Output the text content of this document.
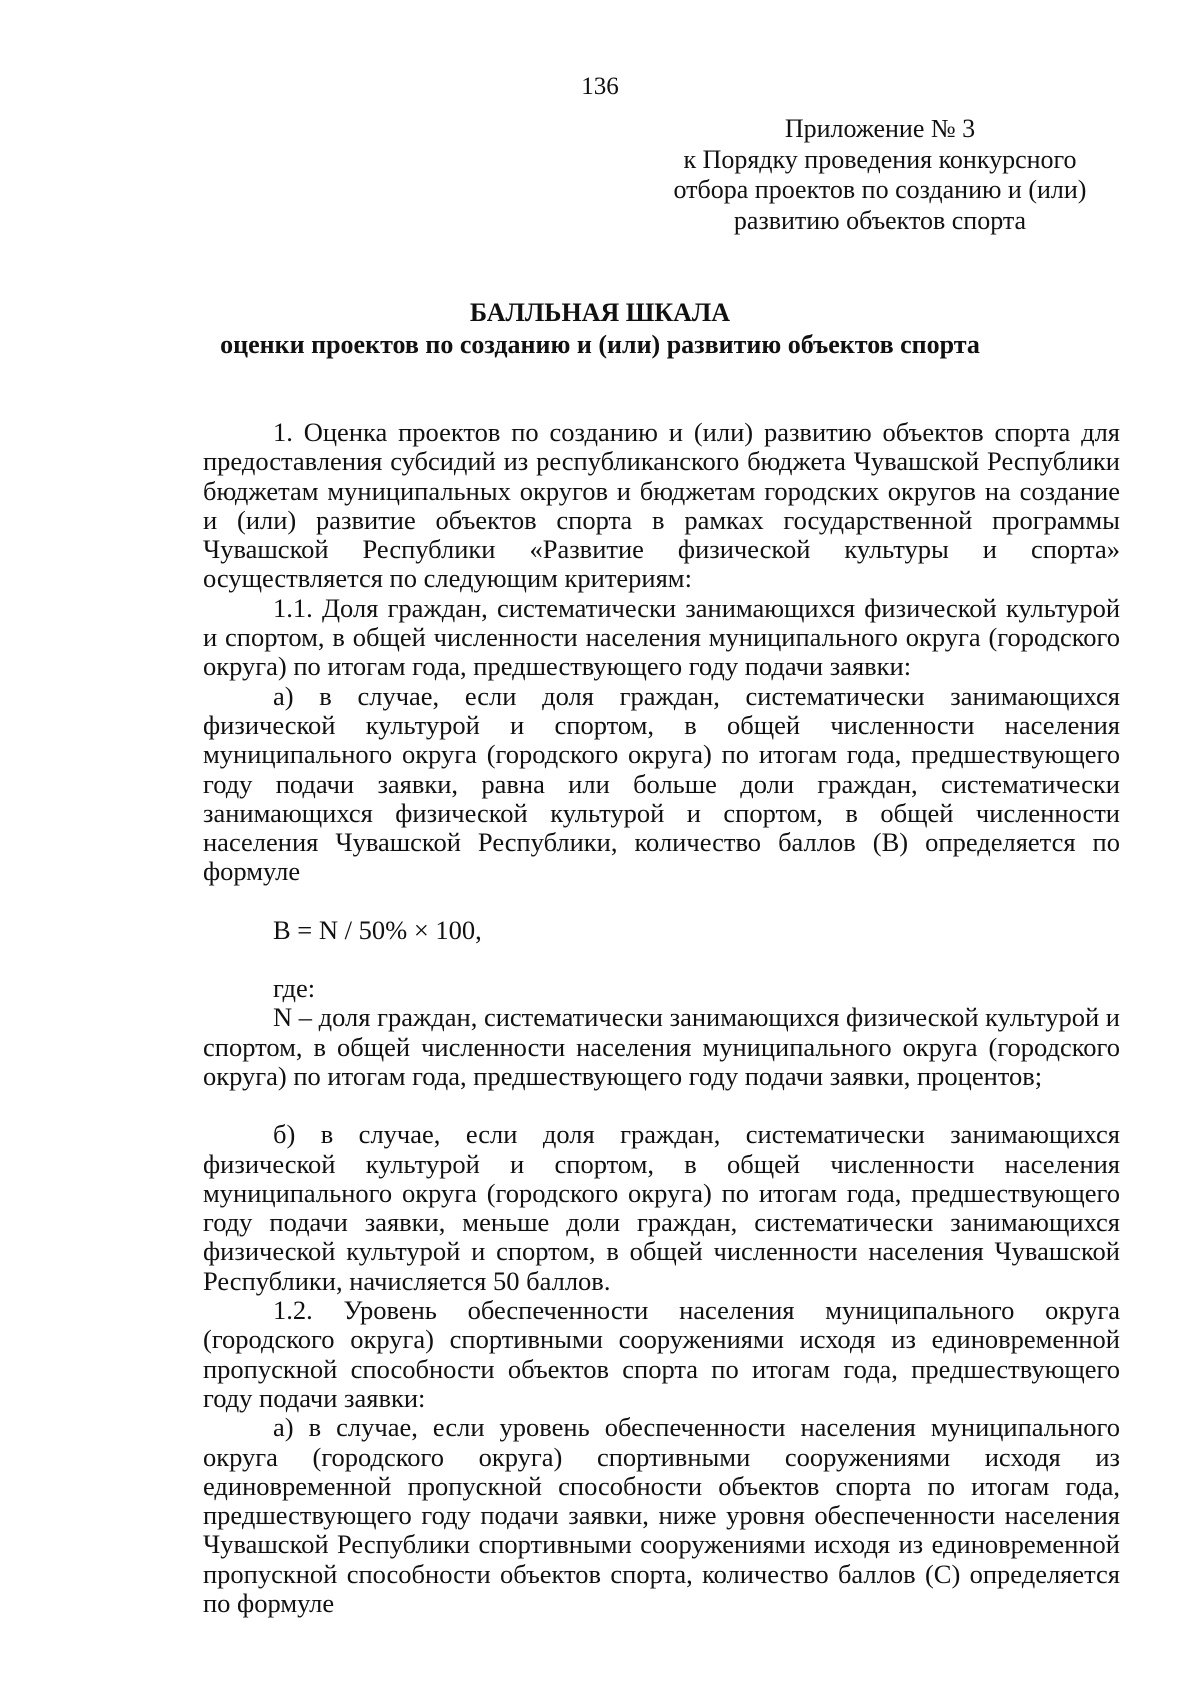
136
Приложение № 3
к Порядку проведения конкурсного
отбора проектов по созданию и (или)
развитию объектов спорта
БАЛЛЬНАЯ ШКАЛА
оценки проектов по созданию и (или) развитию объектов спорта

1. Оценка проектов по созданию и (или) развитию объектов спорта для предоставления субсидий из республиканского бюджета Чувашской Республики бюджетам муниципальных округов и бюджетам городских округов на создание и (или) развитие объектов спорта в рамках государственной программы Чувашской Республики «Развитие физической культуры и спорта» осуществляется по следующим критериям:

1.1. Доля граждан, систематически занимающихся физической культурой и спортом, в общей численности населения муниципального округа (городского округа) по итогам года, предшествующего году подачи заявки:

а) в случае, если доля граждан, систематически занимающихся физической культурой и спортом, в общей численности населения муниципального округа (городского округа) по итогам года, предшествующего году подачи заявки, равна или больше доли граждан, систематически занимающихся физической культурой и спортом, в общей численности населения Чувашской Республики, количество баллов (В) определяется по формуле

В = N / 50% × 100,

где:

N – доля граждан, систематически занимающихся физической культурой и спортом, в общей численности населения муниципального округа (городского округа) по итогам года, предшествующего году подачи заявки, процентов;

б) в случае, если доля граждан, систематически занимающихся физической культурой и спортом, в общей численности населения муниципального округа (городского округа) по итогам года, предшествующего году подачи заявки, меньше доли граждан, систематически занимающихся физической культурой и спортом, в общей численности населения Чувашской Республики, начисляется 50 баллов.

1.2. Уровень обеспеченности населения муниципального округа (городского округа) спортивными сооружениями исходя из единовременной пропускной способности объектов спорта по итогам года, предшествующего году подачи заявки:

а) в случае, если уровень обеспеченности населения муниципального округа (городского округа) спортивными сооружениями исходя из единовременной пропускной способности объектов спорта по итогам года, предшествующего году подачи заявки, ниже уровня обеспеченности населения Чувашской Республики спортивными сооружениями исходя из единовременной пропускной способности объектов спорта, количество баллов (С) определяется по формуле
